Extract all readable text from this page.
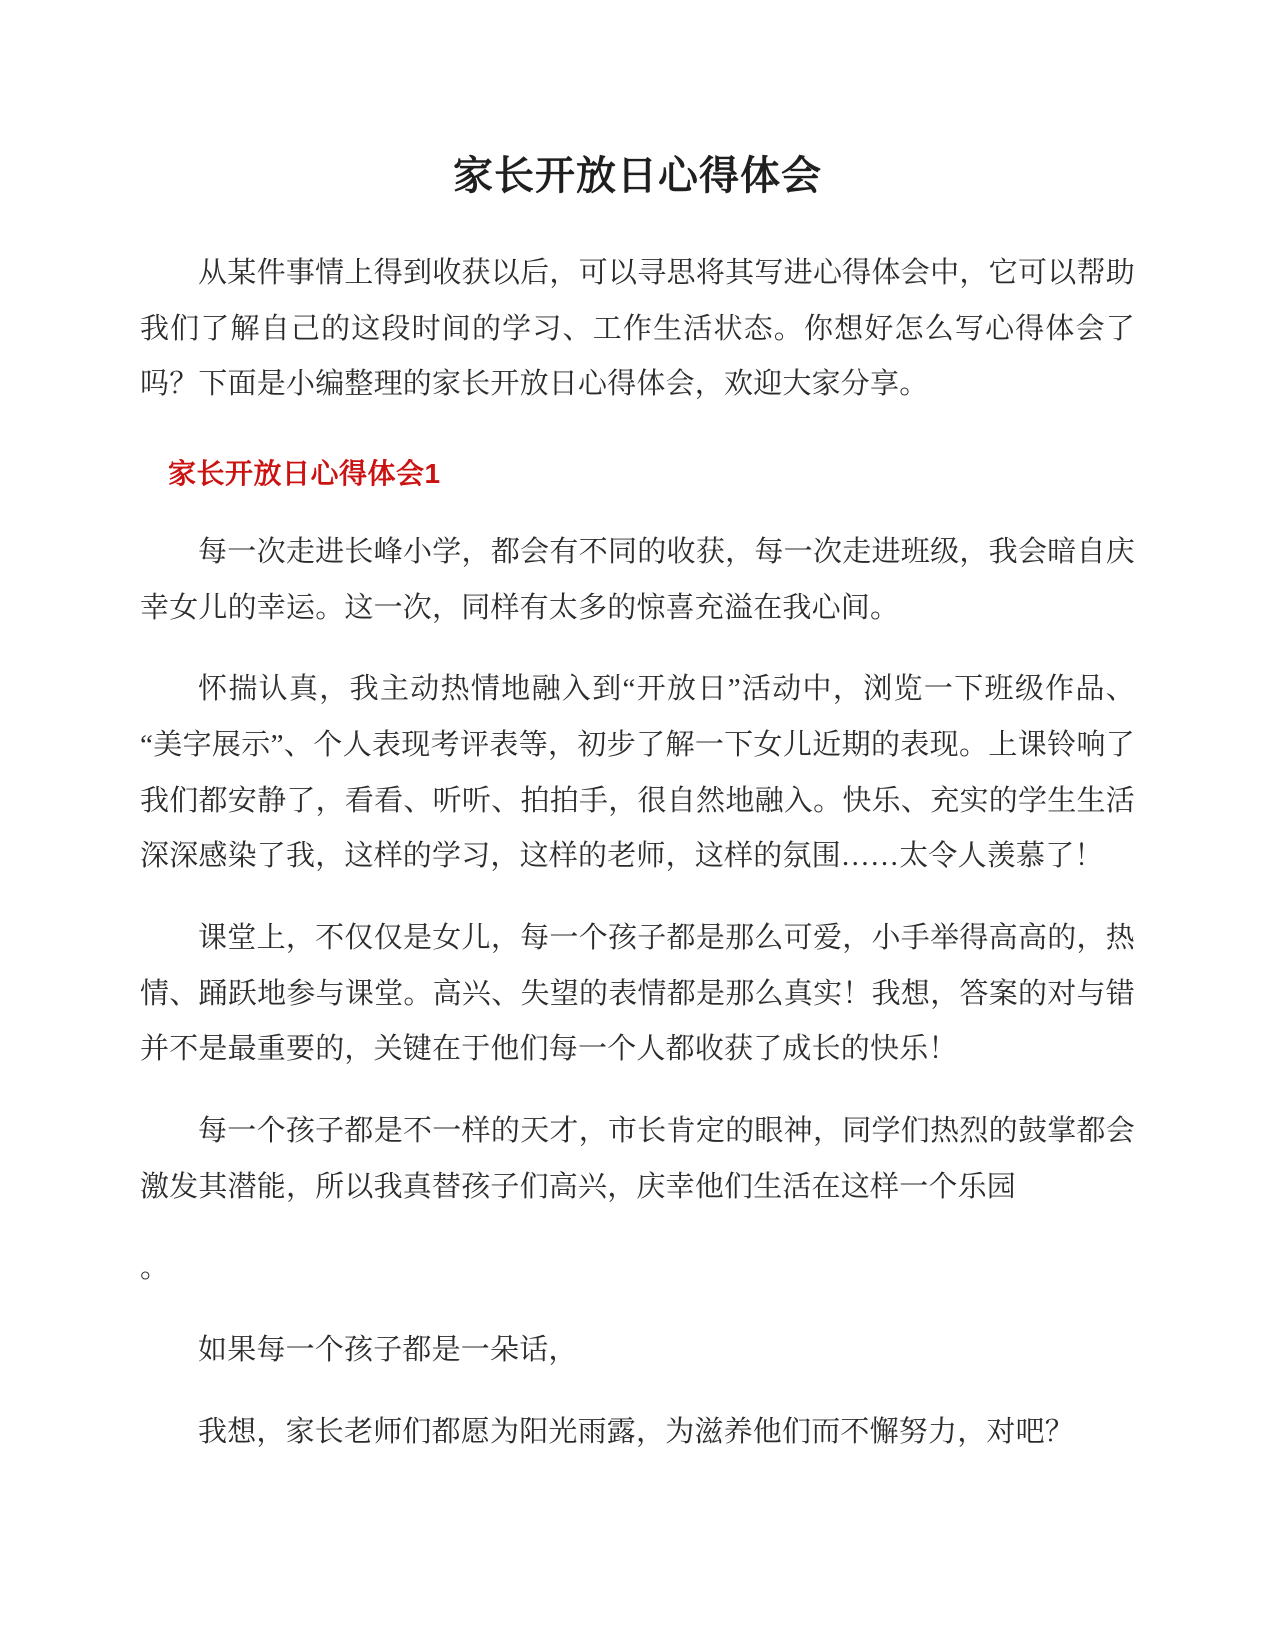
家长开放日心得体会

从某件事情上得到收获以后，可以寻思将其写进心得体会中，它可以帮助我们了解自己的这段时间的学习、工作生活状态。你想好怎么写心得体会了吗？下面是小编整理的家长开放日心得体会，欢迎大家分享。

家长开放日心得体会1

每一次走进长峰小学，都会有不同的收获，每一次走进班级，我会暗自庆幸女儿的幸运。这一次，同样有太多的惊喜充溢在我心间。

怀揣认真，我主动热情地融入到“开放日”活动中，浏览一下班级作品、“美字展示”、个人表现考评表等，初步了解一下女儿近期的表现。上课铃响了我们都安静了，看看、听听、拍拍手，很自然地融入。快乐、充实的学生生活深深感染了我，这样的学习，这样的老师，这样的氛围……太令人羡慕了！

课堂上，不仅仅是女儿，每一个孩子都是那么可爱，小手举得高高的，热情、踊跃地参与课堂。高兴、失望的表情都是那么真实！我想，答案的对与错并不是最重要的，关键在于他们每一个人都收获了成长的快乐！

每一个孩子都是不一样的天才，市长肯定的眼神，同学们热烈的鼓掌都会激发其潜能，所以我真替孩子们高兴，庆幸他们生活在这样一个乐园

。

如果每一个孩子都是一朵话，

我想，家长老师们都愿为阳光雨露，为滋养他们而不懈努力，对吧？
